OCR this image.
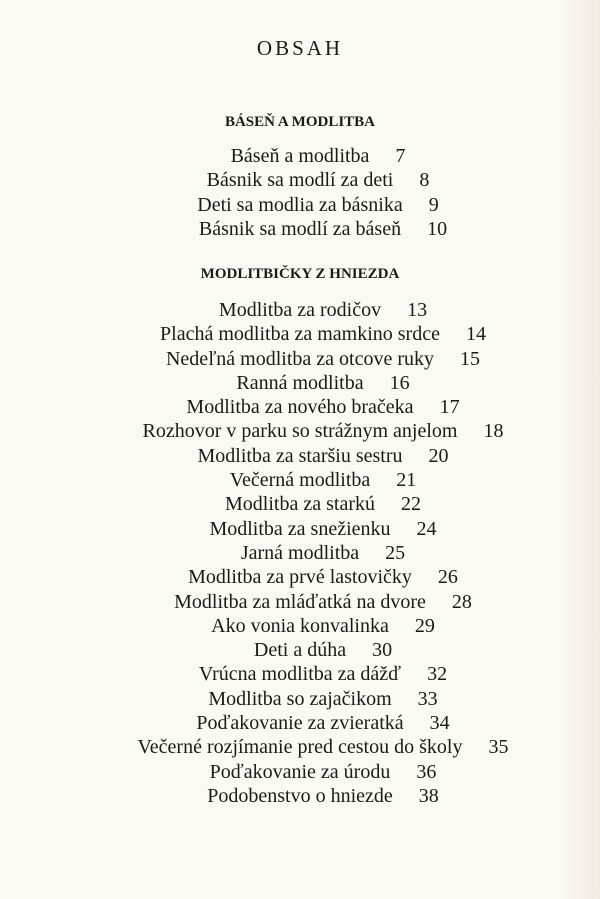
OBSAH
BÁSEŇ A MODLITBA
Báseň a modlitba 7
Básnik sa modlí za deti 8
Deti sa modlia za básnika 9
Básnik sa modlí za báseň 10
MODLITBIČKY Z HNIEZDA
Modlitba za rodičov 13
Plachá modlitba za mamkino srdce 14
Nedeľná modlitba za otcove ruky 15
Ranná modlitba 16
Modlitba za nového bračeka 17
Rozhovor v parku so strážnym anjelom 18
Modlitba za staršiu sestru 20
Večerná modlitba 21
Modlitba za starkú 22
Modlitba za snežienku 24
Jarná modlitba 25
Modlitba za prvé lastovičky 26
Modlitba za mláďatká na dvore 28
Ako vonia konvalinka 29
Deti a dúha 30
Vrúcna modlitba za dážď 32
Modlitba so zajačikom 33
Poďakovanie za zvieratká 34
Večerné rozjímanie pred cestou do školy 35
Poďakovanie za úrodu 36
Podobenstvo o hniezde 38
